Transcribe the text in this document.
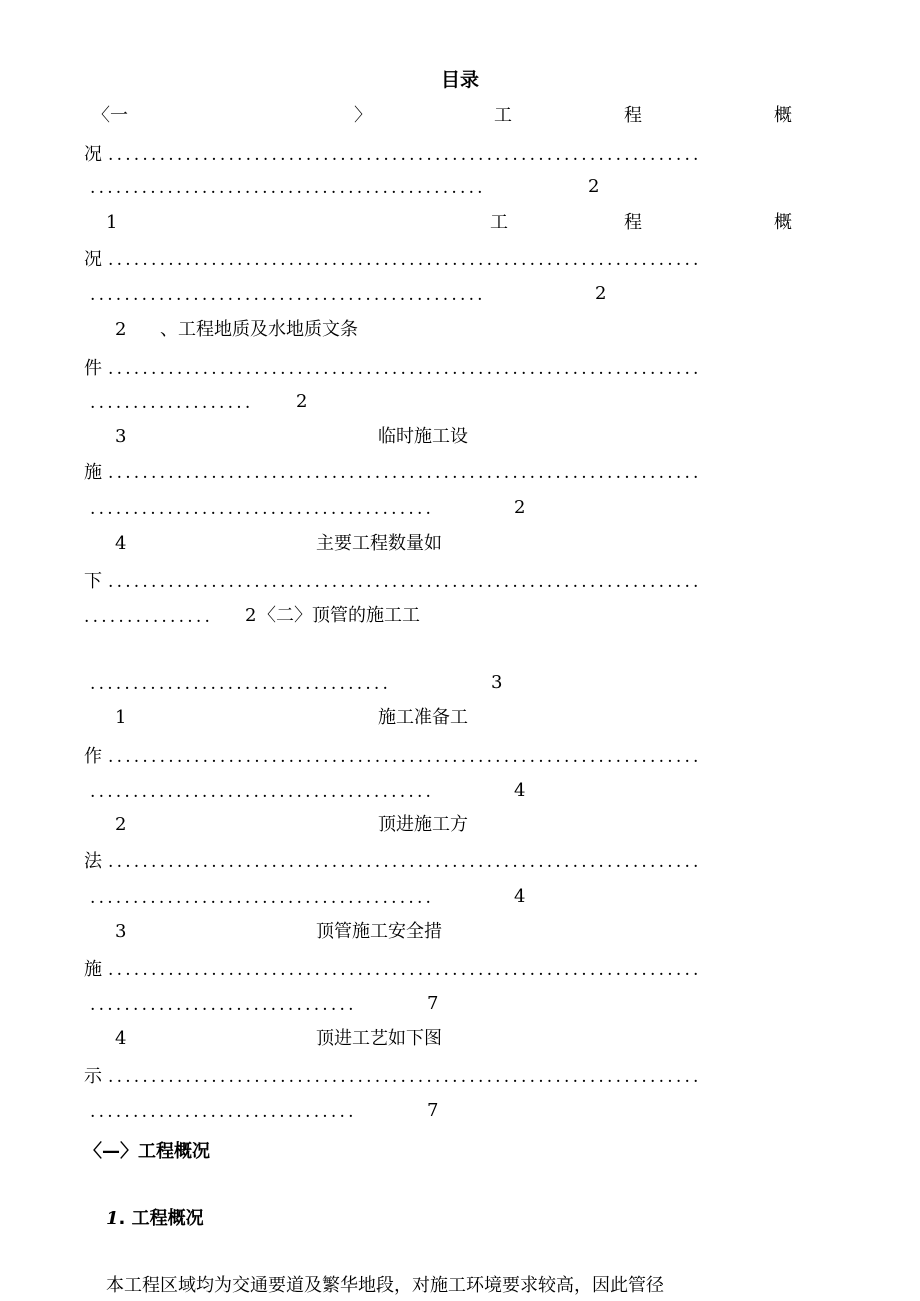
目录
〈一	〉	工	程	概
况 .....................................................................
..............................................	2
1	工	程	概
况 .....................................................................
..............................................	2
2 、工程地质及水地质文条
件 .....................................................................
................... 2
3	临时施工设
施 .....................................................................
........................................	2
4	主要工程数量如
下 .....................................................................
............... 2 〈二〉顶管的施工工
...................................	3
1	施工准备工
作 .....................................................................
........................................	4
2	顶进施工方
法 .....................................................................
........................................	4
3	顶管施工安全措
施 .....................................................................
...............................	7
4	顶进工艺如下图
示 .....................................................................
...............................	7
〈—〉工程概况
1. 工程概况
本工程区域均为交通要道及繁华地段，对施工环境要求较高，因此管径
